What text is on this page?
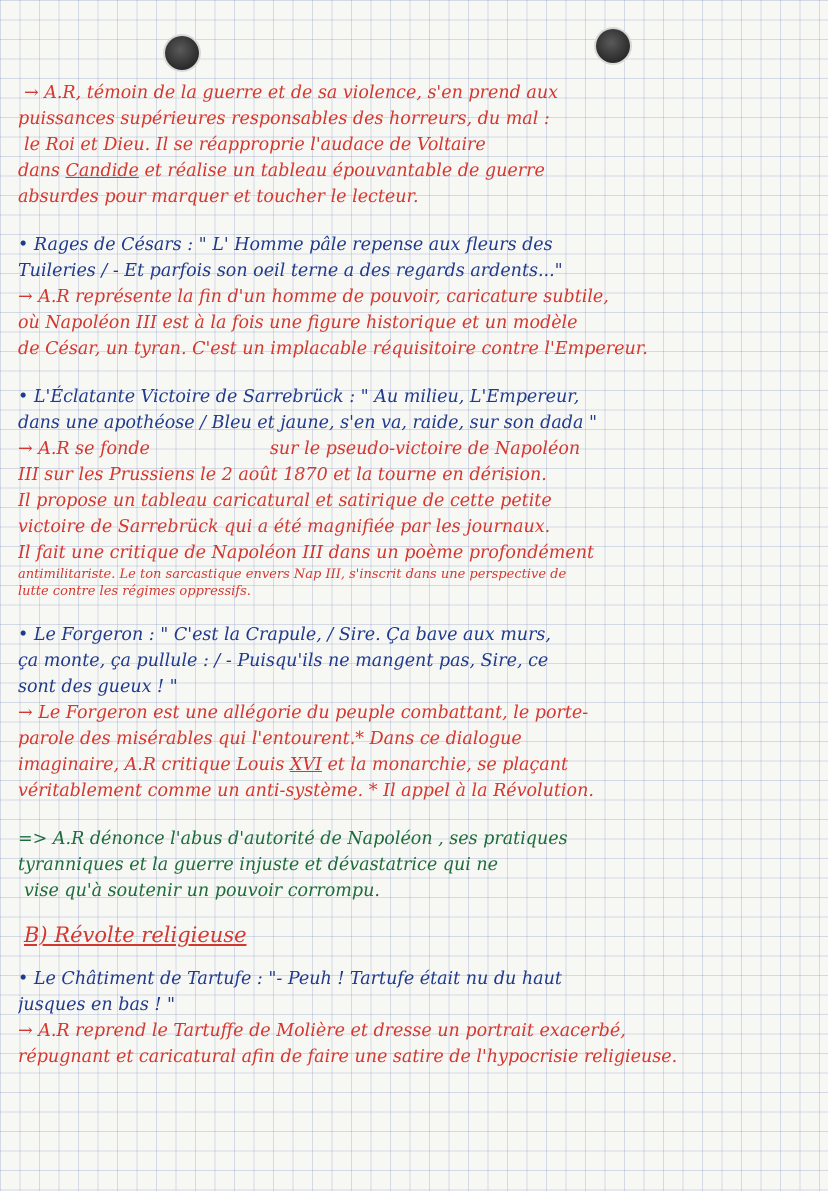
→ A.R, témoin de la guerre et de sa violence, s'en prend aux
puissances supérieures responsables des horreurs, du mal :
le Roi et Dieu. Il se réapproprie l'audace de Voltaire
dans Candide et réalise un tableau épouvantable de guerre
absurdes pour marquer et toucher le lecteur.
• Rages de Césars : " L' Homme pâle repense aux fleurs des
Tuileries / - Et parfois son oeil terne a des regards ardents..."
→ A.R représente la fin d'un homme de pouvoir, caricature subtile,
où Napoléon III est à la fois une figure historique et un modèle
de César, un tyran. C'est un implacable réquisitoire contre l'Empereur.
• L'Éclatante Victoire de Sarrebrück : " Au milieu, L'Empereur,
dans une apothéose / Bleu et jaune, s'en va, raide, sur son dada "
→ A.R se fonde	sur le pseudo-victoire de Napoléon
III sur les Prussiens le 2 août 1870 et la tourne en dérision.
Il propose un tableau caricatural et satirique de cette petite
victoire de Sarrebrück qui a été magnifiée par les journaux.
Il fait une critique de Napoléon III dans un poème profondément
antimilitariste. Le ton sarcastique envers Nap III, s'inscrit dans une perspective de
lutte contre les régimes oppressifs.
• Le Forgeron : " C'est la Crapule, / Sire. Ça bave aux murs,
ça monte, ça pullule : / - Puisqu'ils ne mangent pas, Sire, ce
sont des gueux ! "
→ Le Forgeron est une allégorie du peuple combattant, le porte-
parole des misérables qui l'entourent.* Dans ce dialogue
imaginaire, A.R critique Louis XVI et la monarchie, se plaçant
véritablement comme un anti-système. * Il appel à la Révolution.
=> A.R dénonce l'abus d'autorité de Napoléon , ses pratiques
tyranniques et la guerre injuste et dévastatrice qui ne
vise qu'à soutenir un pouvoir corrompu.
B) Révolte religieuse
• Le Châtiment de Tartufe : "- Peuh ! Tartufe était nu du haut
jusques en bas ! "
→ A.R reprend le Tartuffe de Molière et dresse un portrait exacerbé,
répugnant et caricatural afin de faire une satire de l'hypocrisie religieuse.
